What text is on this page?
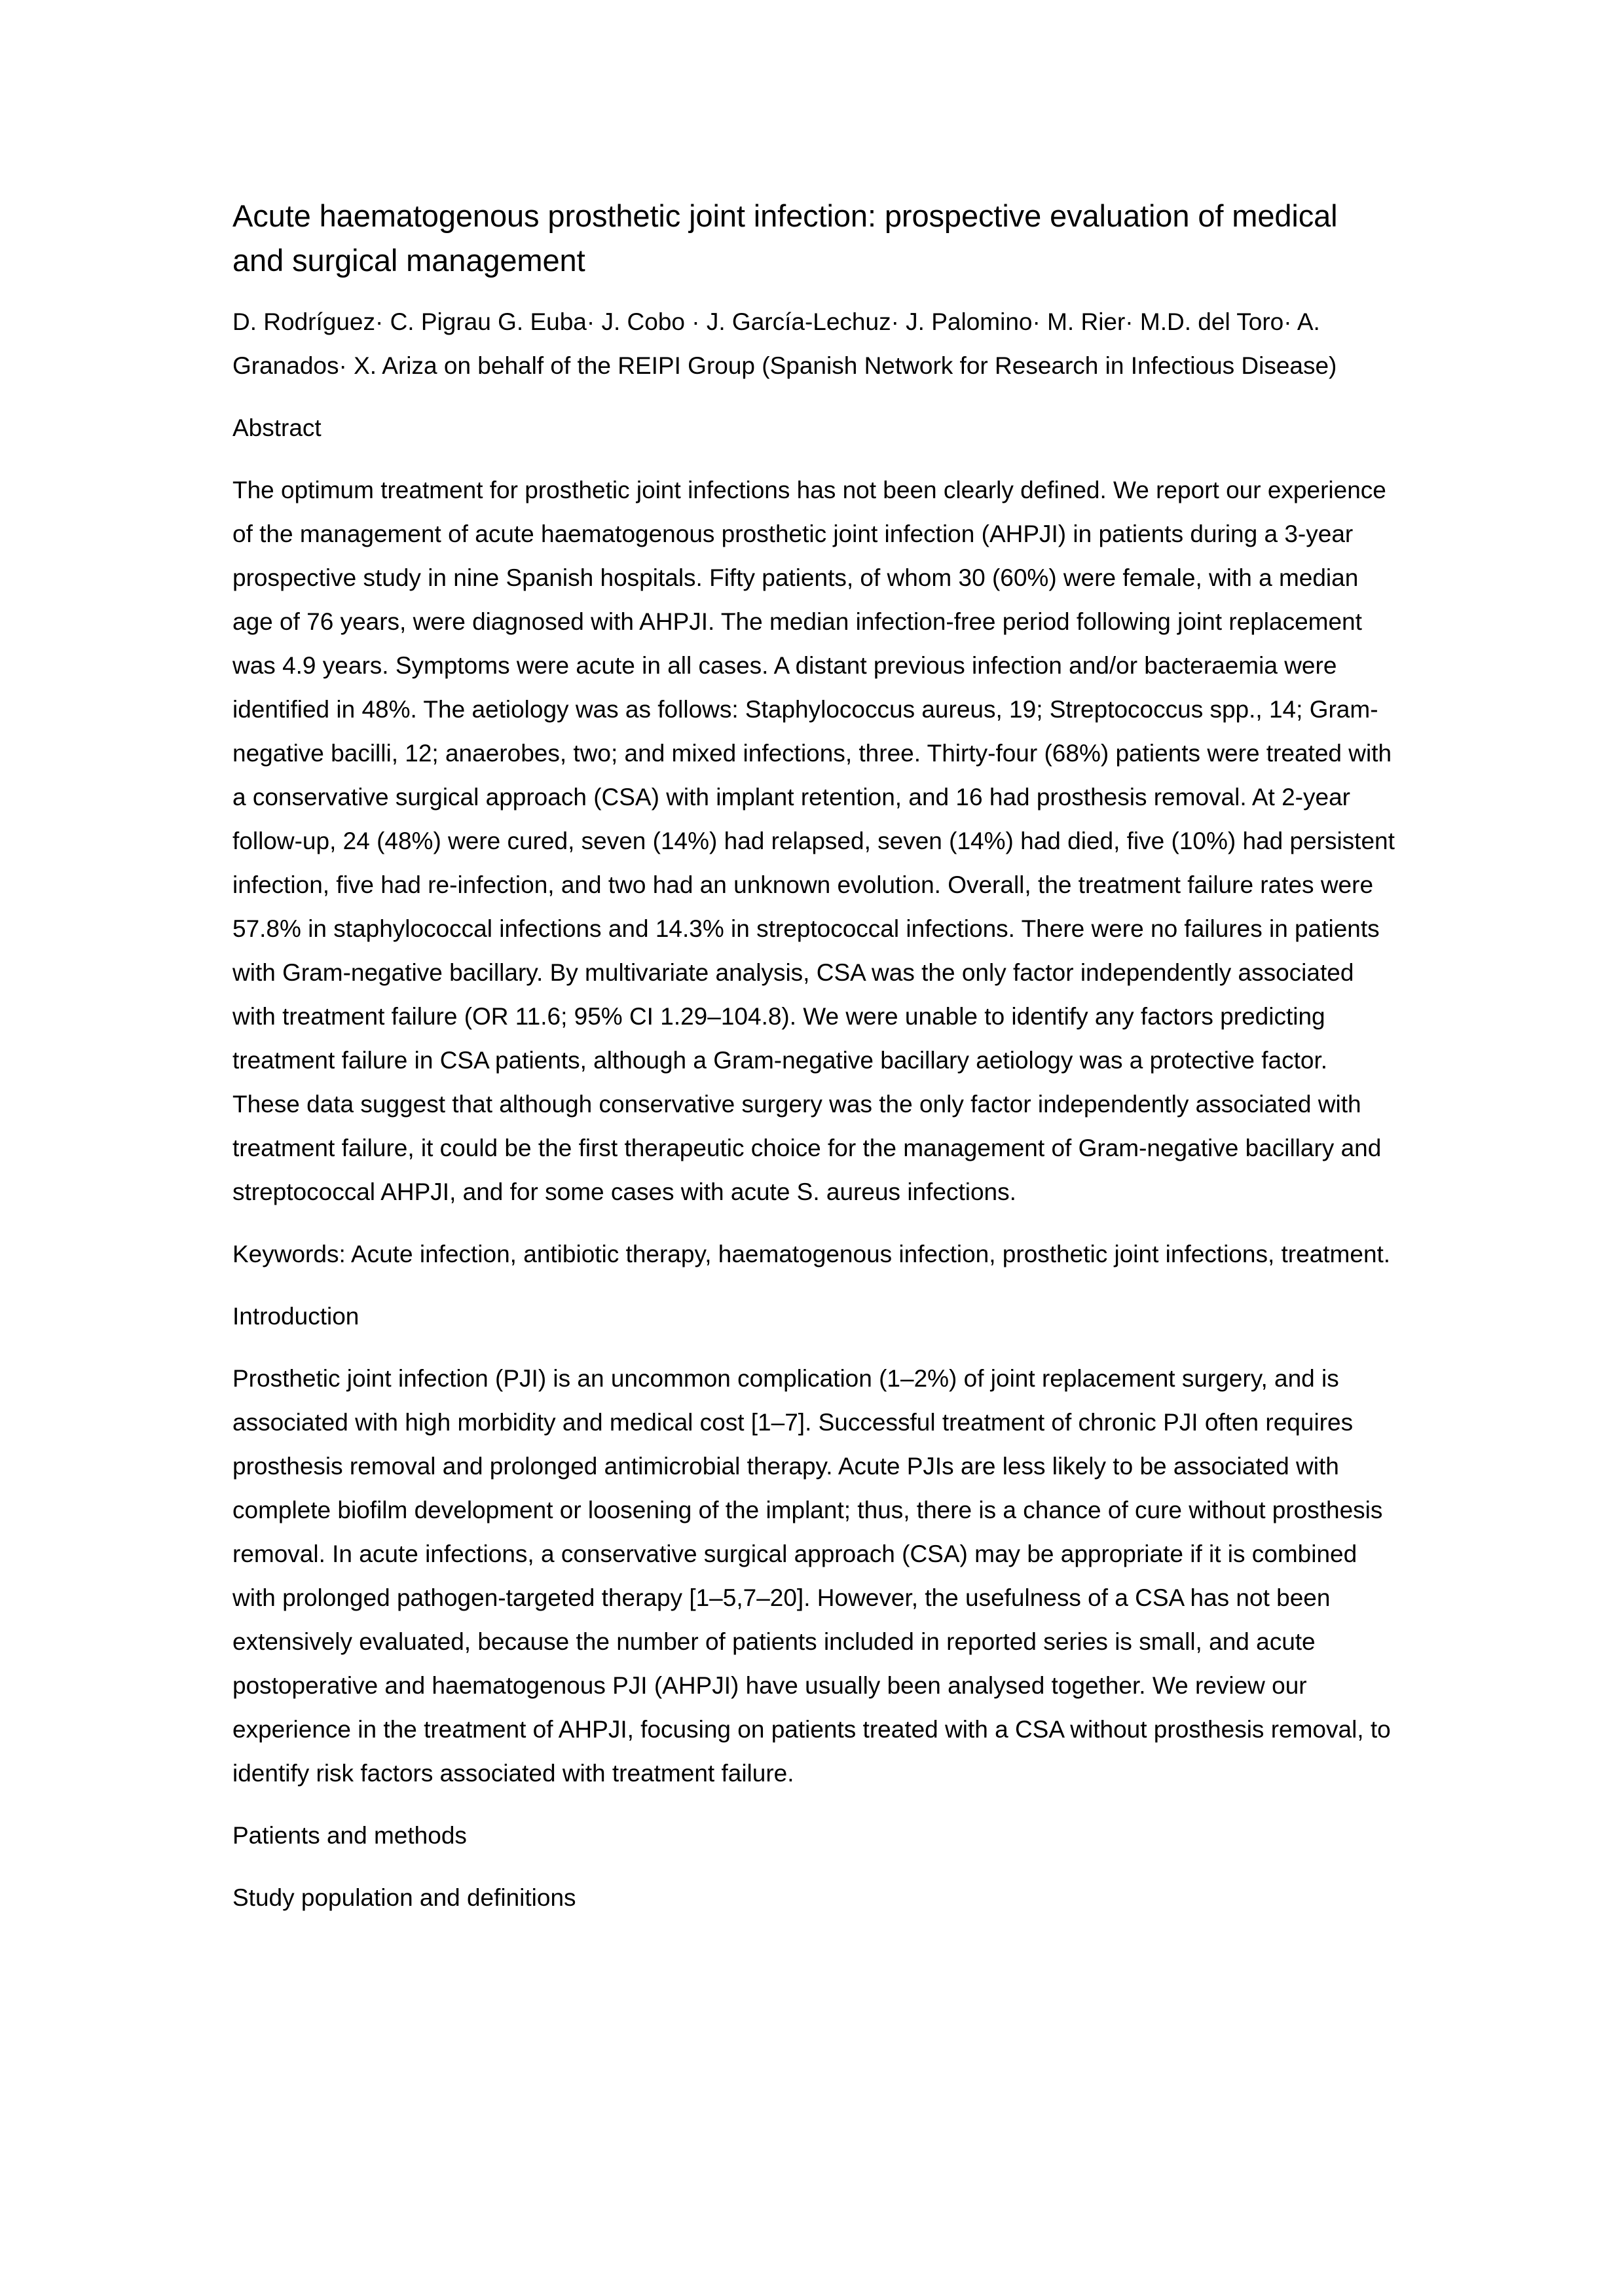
Acute haematogenous prosthetic joint infection: prospective evaluation of medical and surgical management

D. Rodríguez· C. Pigrau G. Euba· J. Cobo · J. García-Lechuz· J. Palomino· M. Rier· M.D. del Toro· A. Granados· X. Ariza on behalf of the REIPI Group (Spanish Network for Research in Infectious Disease)

Abstract

The optimum treatment for prosthetic joint infections has not been clearly defined. We report our experience of the management of acute haematogenous prosthetic joint infection (AHPJI) in patients during a 3-year prospective study in nine Spanish hospitals. Fifty patients, of whom 30 (60%) were female, with a median age of 76 years, were diagnosed with AHPJI. The median infection-free period following joint replacement was 4.9 years. Symptoms were acute in all cases. A distant previous infection and/or bacteraemia were identified in 48%. The aetiology was as follows: Staphylococcus aureus, 19; Streptococcus spp., 14; Gram-negative bacilli, 12; anaerobes, two; and mixed infections, three. Thirty-four (68%) patients were treated with a conservative surgical approach (CSA) with implant retention, and 16 had prosthesis removal. At 2-year follow-up, 24 (48%) were cured, seven (14%) had relapsed, seven (14%) had died, five (10%) had persistent infection, five had re-infection, and two had an unknown evolution. Overall, the treatment failure rates were 57.8% in staphylococcal infections and 14.3% in streptococcal infections. There were no failures in patients with Gram-negative bacillary. By multivariate analysis, CSA was the only factor independently associated with treatment failure (OR 11.6; 95% CI 1.29–104.8). We were unable to identify any factors predicting treatment failure in CSA patients, although a Gram-negative bacillary aetiology was a protective factor. These data suggest that although conservative surgery was the only factor independently associated with treatment failure, it could be the first therapeutic choice for the management of Gram-negative bacillary and streptococcal AHPJI, and for some cases with acute S. aureus infections.

Keywords: Acute infection, antibiotic therapy, haematogenous infection, prosthetic joint infections, treatment.

Introduction

Prosthetic joint infection (PJI) is an uncommon complication (1–2%) of joint replacement surgery, and is associated with high morbidity and medical cost [1–7]. Successful treatment of chronic PJI often requires prosthesis removal and prolonged antimicrobial therapy. Acute PJIs are less likely to be associated with complete biofilm development or loosening of the implant; thus, there is a chance of cure without prosthesis removal. In acute infections, a conservative surgical approach (CSA) may be appropriate if it is combined with prolonged pathogen-targeted therapy [1–5,7–20]. However, the usefulness of a CSA has not been extensively evaluated, because the number of patients included in reported series is small, and acute postoperative and haematogenous PJI (AHPJI) have usually been analysed together. We review our experience in the treatment of AHPJI, focusing on patients treated with a CSA without prosthesis removal, to identify risk factors associated with treatment failure.

Patients and methods

Study population and definitions
